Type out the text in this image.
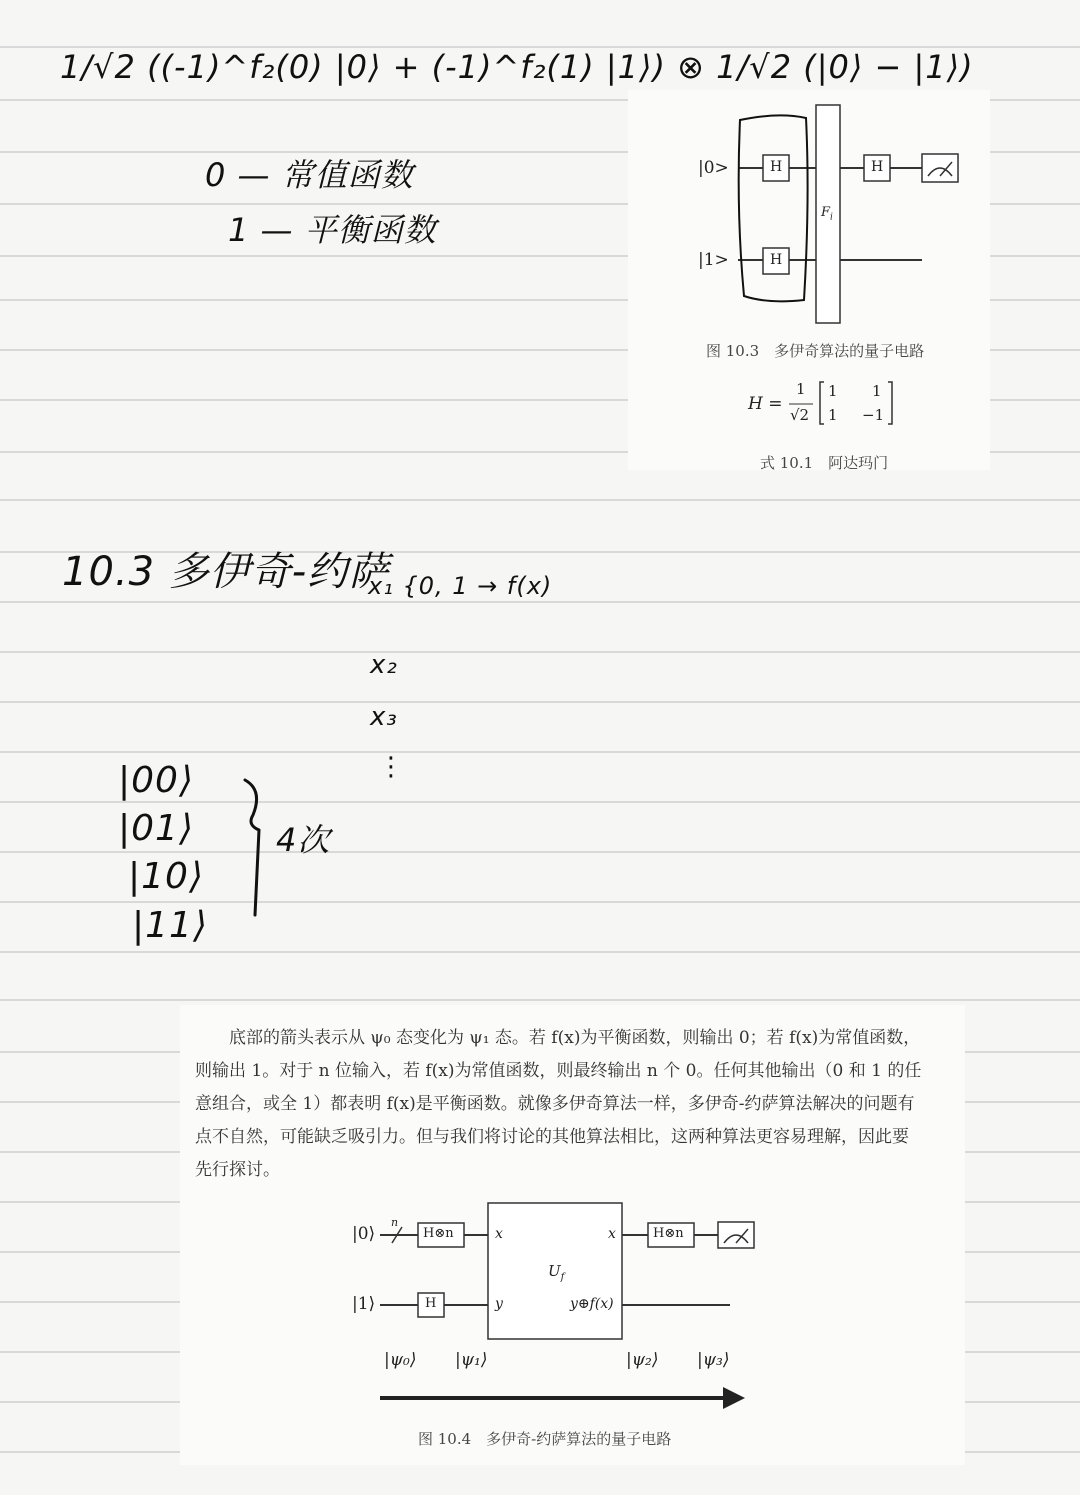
1/√2 ((-1)^f₂(0) |0⟩ + (-1)^f₂(1) |1⟩) ⊗ 1/√2 (|0⟩ − |1⟩)
0 — 常值函数
1 — 平衡函数
10.3 多伊奇-约萨
x₁ {0, 1 → f(x)
x₂
x₃
⋮
|00⟩
|01⟩
|10⟩
|11⟩
4次
|0>
|1>
H
H
H
$F_i$
图 10.3　多伊奇算法的量子电路
H =
1
√2
1 1
1 −1
式 10.1　阿达玛门

底部的箭头表示从 ψ₀ 态变化为 ψ₁ 态。若 f(x)为平衡函数，则输出 0；若 f(x)为常值函数，则输出 1。对于 n 位输入，若 f(x)为常值函数，则最终输出 n 个 0。任何其他输出（0 和 1 的任意组合，或全 1）都表明 f(x)是平衡函数。就像多伊奇算法一样，多伊奇-约萨算法解决的问题有点不自然，可能缺乏吸引力。但与我们将讨论的其他算法相比，这两种算法更容易理解，因此要先行探讨。

|0⟩
|1⟩
n
H⊗n
H
H⊗n
x
y
x
y⊕f(x)
$U_f$
|ψ₀⟩ |ψ₁⟩	|ψ₂⟩ |ψ₃⟩
图 10.4　多伊奇-约萨算法的量子电路
